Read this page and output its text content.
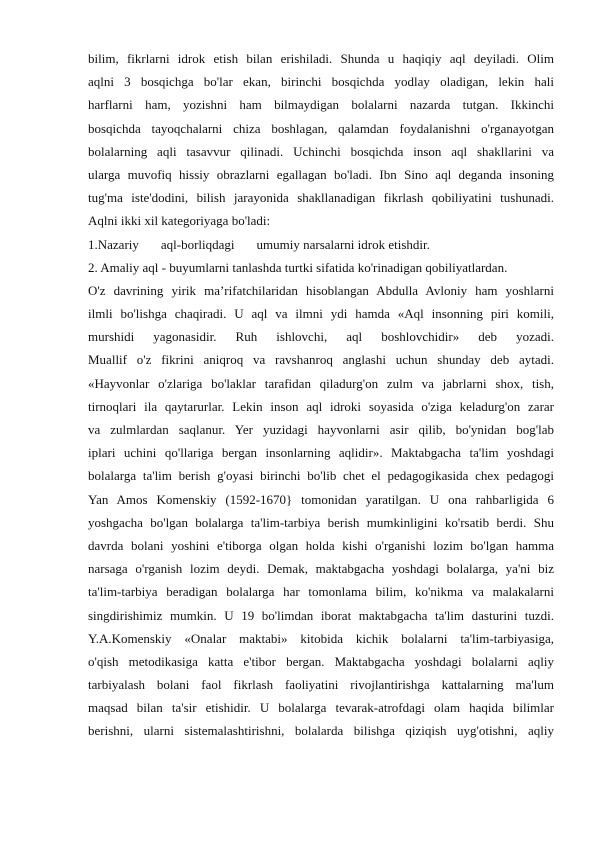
bilim, fikrlarni idrok etish bilan erishiladi. Shunda u haqiqiy aql deyiladi. Olim
aqlni 3 bosqichga bo'lar ekan, birinchi bosqichda yodlay oladigan, lekin hali
harflarni ham, yozishni ham bilmaydigan bolalarni nazarda tutgan. Ikkinchi
bosqichda tayoqchalarni chiza boshlagan, qalamdan foydalanishni o'rganayotgan
bolalarning aqli tasavvur qilinadi. Uchinchi bosqichda inson aql shakllarini va
ularga muvofiq hissiy obrazlarni egallagan bo'ladi. Ibn Sino aql deganda insoning
tug'ma iste'dodini, bilish jarayonida shakllanadigan fikrlash qobiliyatini tushunadi.
Aqlni ikki xil kategoriyaga bo'ladi:
1.Nazariy aql-borliqdagi umumiy narsalarni idrok etishdir.
2. Amaliy aql - buyumlarni tanlashda turtki sifatida ko'rinadigan qobiliyatlardan.
O'z davrining yirik ma’rifatchilaridan hisoblangan Abdulla Avloniy ham yoshlarni
ilmli bo'lishga chaqiradi. U aql va ilmni ydi hamda «Aql insonning piri komili,
murshidi yagonasidir. Ruh ishlovchi, aql boshlovchidir» deb yozadi.
Muallif o'z fikrini aniqroq va ravshanroq anglashi uchun shunday deb aytadi.
«Hayvonlar o'zlariga bo'laklar tarafidan qiladurg'on zulm va jabrlarni shox, tish,
tirnoqlari ila qaytarurlar. Lekin inson aql idroki soyasida o'ziga keladurg'on zarar
va zulmlardan saqlanur. Yer yuzidagi hayvonlarni asir qilib, bo'ynidan bog'lab
iplari uchini qo'llariga bergan insonlarning aqlidir». Maktabgacha ta'lim yoshdagi
bolalarga ta'lim berish g'oyasi birinchi bo'lib chet el pedagogikasida chex pedagogi
Yan Amos Komenskiy (1592-1670} tomonidan yaratilgan. U ona rahbarligida 6
yoshgacha bo'lgan bolalarga ta'lim-tarbiya berish mumkinligini ko'rsatib berdi. Shu
davrda bolani yoshini e'tiborga olgan holda kishi o'rganishi lozim bo'lgan hamma
narsaga o'rganish lozim deydi. Demak, maktabgacha yoshdagi bolalarga, ya'ni biz
ta'lim-tarbiya beradigan bolalarga har tomonlama bilim, ko'nikma va malakalarni
singdirishimiz mumkin. U 19 bo'limdan iborat maktabgacha ta'lim dasturini tuzdi.
Y.A.Komenskiy «Onalar maktabi» kitobida kichik bolalarni ta'lim-tarbiyasiga,
o'qish metodikasiga katta e'tibor bergan. Maktabgacha yoshdagi bolalarni aqliy
tarbiyalash bolani faol fikrlash faoliyatini rivojlantirishga kattalarning ma'lum
maqsad bilan ta'sir etishidir. U bolalarga tevarak-atrofdagi olam haqida bilimlar
berishni, ularni sistemalashtirishni, bolalarda bilishga qiziqish uyg'otishni, aqliy
